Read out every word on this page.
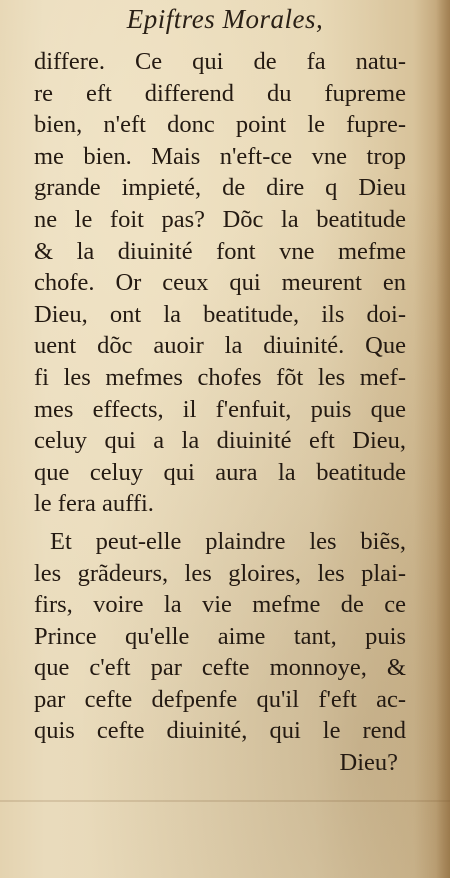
Epiftres Morales,
differe. Ce qui de fa natu-
re eft differend du fupreme
bien, n'eft donc point le fupre-
me bien. Mais n'eft-ce vne trop
grande impieté, de dire q Dieu
ne le foit pas? Dõc la beatitude
& la diuinité font vne mefme
chofe. Or ceux qui meurent en
Dieu, ont la beatitude, ils doi-
uent dõc auoir la diuinité. Que
fi les mefmes chofes fõt les mef-
mes effects, il f'enfuit, puis que
celuy qui a la diuinité eft Dieu,
que celuy qui aura la beatitude
le fera auffi.
Et peut-elle plaindre les biẽs,
les grãdeurs, les gloires, les plai-
firs, voire la vie mefme de ce
Prince qu'elle aime tant, puis
que c'eft par cefte monnoye, &
par cefte defpenfe qu'il f'eft ac-
quis cefte diuinité, qui le rend
Dieu?
